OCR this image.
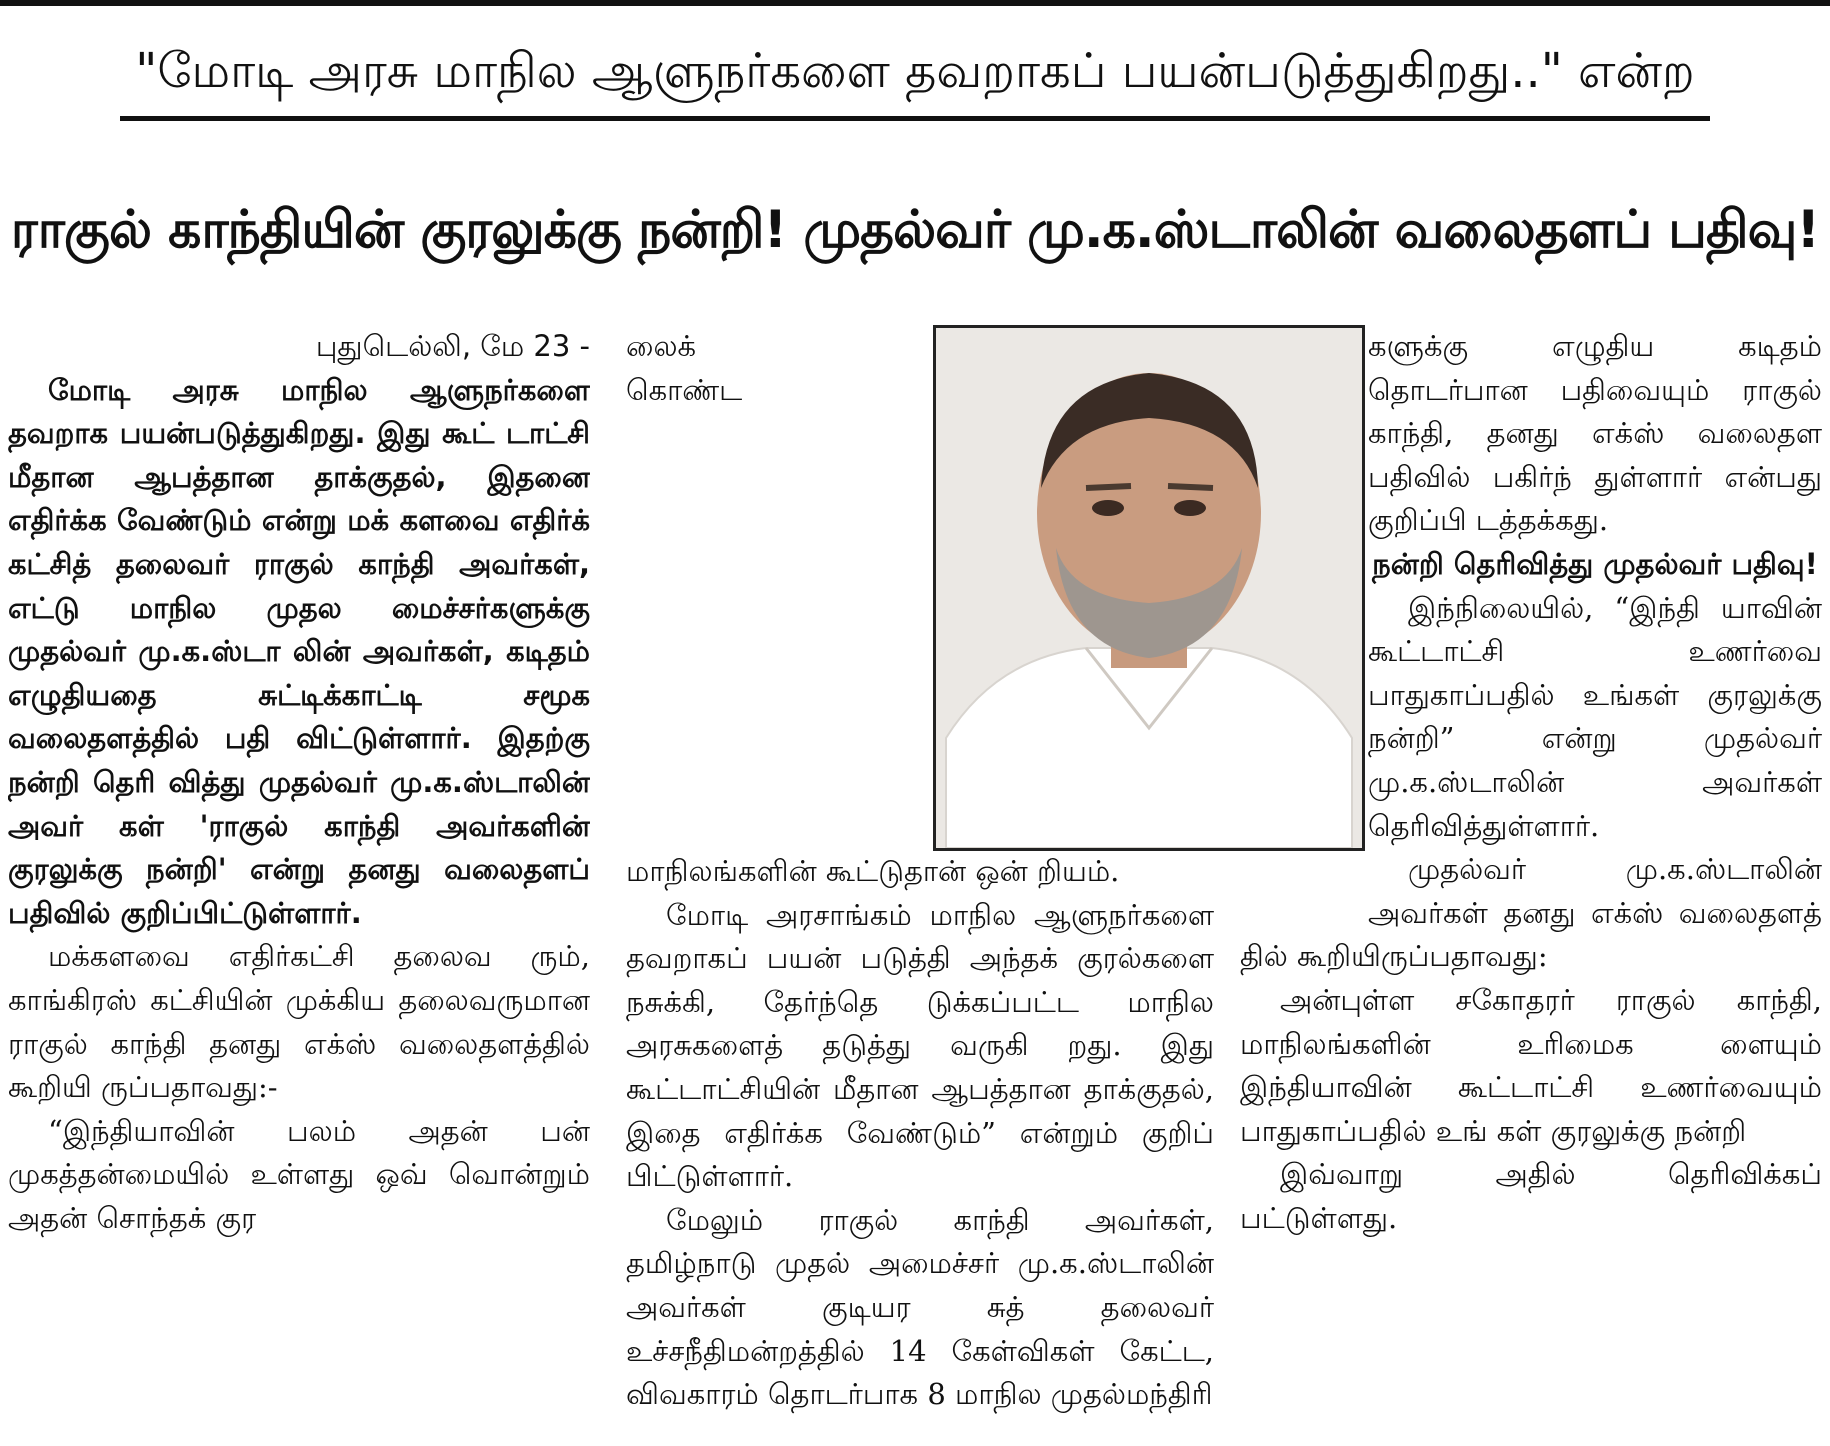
"மோடி அரசு மாநில ஆளுநர்களை தவறாகப் பயன்படுத்துகிறது.." என்ற
ராகுல் காந்தியின் குரலுக்கு நன்றி! முதல்வர் மு.க.ஸ்டாலின் வலைதளப் பதிவு!

புதுடெல்லி, மே 23 -

மோடி அரசு மாநில ஆளுநர்களை தவறாக பயன்படுத்துகிறது. இது கூட் டாட்சி மீதான ஆபத்தான தாக்குதல், இதனை எதிர்க்க வேண்டும் என்று மக் களவை எதிர்க் கட்சித் தலைவர் ராகுல் காந்தி அவர்கள், எட்டு மாநில முதல மைச்சர்களுக்கு முதல்வர் மு.க.ஸ்டா லின் அவர்கள், கடிதம் எழுதியதை சுட்டிக்காட்டி சமூக வலைதளத்தில் பதி விட்டுள்ளார். இதற்கு நன்றி தெரி வித்து முதல்வர் மு.க.ஸ்டாலின் அவர் கள் 'ராகுல் காந்தி அவர்களின் குரலுக்கு நன்றி' என்று தனது வலைதளப் பதிவில் குறிப்பிட்டுள்ளார்.

மக்களவை எதிர்கட்சி தலைவ ரும், காங்கிரஸ் கட்சியின் முக்கிய தலைவருமான ராகுல் காந்தி தனது எக்ஸ் வலைதளத்தில் கூறியி ருப்பதாவது:-

“இந்தியாவின் பலம் அதன் பன் முகத்தன்மையில் உள்ளது ஒவ் வொன்றும் அதன் சொந்தக் குர

லைக் கொண்ட மாநிலங்களின் கூட்டுதான் ஒன் றியம்.

மோடி அரசாங்கம் மாநில ஆளுநர்களை தவறாகப் பயன் படுத்தி அந்தக் குரல்களை நசுக்கி, தேர்ந்தெ டுக்கப்பட்ட மாநில அரசுகளைத் தடுத்து வருகி றது. இது கூட்டாட்சியின் மீதான ஆபத்தான தாக்குதல், இதை எதிர்க்க வேண்டும்” என்றும் குறிப் பிட்டுள்ளார்.

மேலும் ராகுல் காந்தி அவர்கள், தமிழ்நாடு முதல் அமைச்சர் மு.க.ஸ்டாலின் அவர்கள் குடியர சுத் தலைவர் உச்சநீதிமன்றத்தில் 14 கேள்விகள் கேட்ட, விவகாரம் தொடர்பாக 8 மாநில முதல்மந்திரி

களுக்கு எழுதிய கடிதம் தொடர்பான பதிவையும் ராகுல் காந்தி, தனது எக்ஸ் வலைதள பதிவில் பகிர்ந் துள்ளார் என்பது குறிப்பி டத்தக்கது.

நன்றி தெரிவித்து முதல்வர் பதிவு!

இந்நிலையில், “இந்தி யாவின் கூட்டாட்சி உணர்வை பாதுகாப்பதில் உங்கள் குரலுக்கு நன்றி” என்று முதல்வர் மு.க.ஸ்டாலின் அவர்கள் தெரிவித்துள்ளார்.

முதல்வர் மு.க.ஸ்டாலின் அவர்கள் தனது எக்ஸ் வலைதளத் தில் கூறியிருப்பதாவது:

அன்புள்ள சகோதரர் ராகுல் காந்தி, மாநிலங்களின் உரிமைக ளையும் இந்தியாவின் கூட்டாட்சி உணர்வையும் பாதுகாப்பதில் உங் கள் குரலுக்கு நன்றி

இவ்வாறு அதில் தெரிவிக்கப் பட்டுள்ளது.
